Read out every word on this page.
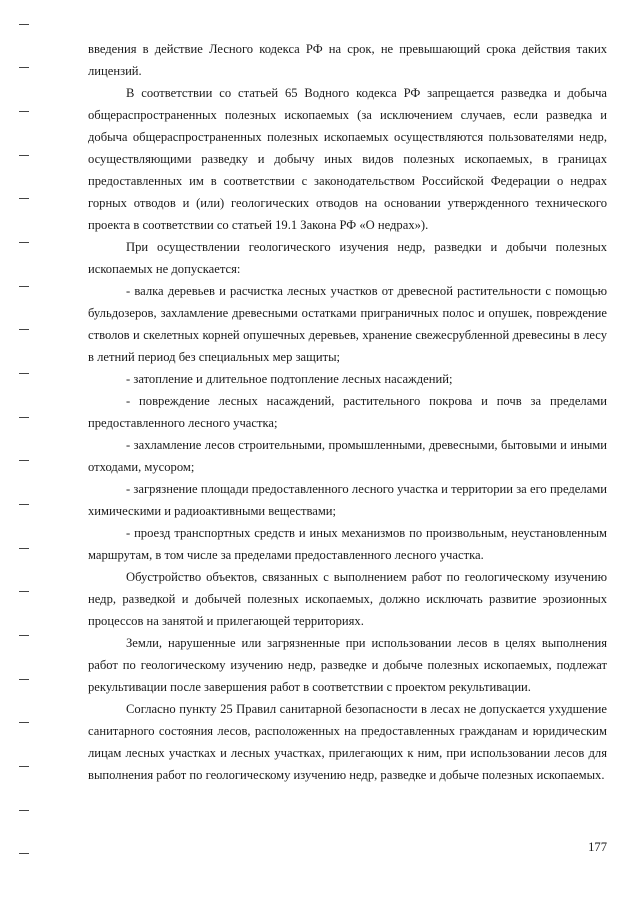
введения в действие Лесного кодекса РФ на срок, не превышающий срока действия таких лицензий.

В соответствии со статьей 65 Водного кодекса РФ запрещается разведка и добыча общераспространенных полезных ископаемых (за исключением случаев, если разведка и добыча общераспространенных полезных ископаемых осуществляются пользователями недр, осуществляющими разведку и добычу иных видов полезных ископаемых, в границах предоставленных им в соответствии с законодательством Российской Федерации о недрах горных отводов и (или) геологических отводов на основании утвержденного технического проекта в соответствии со статьей 19.1 Закона РФ «О недрах»).

При осуществлении геологического изучения недр, разведки и добычи полезных ископаемых не допускается:

- валка деревьев и расчистка лесных участков от древесной растительности с помощью бульдозеров, захламление древесными остатками приграничных полос и опушек, повреждение стволов и скелетных корней опушечных деревьев, хранение свежесрубленной древесины в лесу в летний период без специальных мер защиты;

- затопление и длительное подтопление лесных насаждений;

- повреждение лесных насаждений, растительного покрова и почв за пределами предоставленного лесного участка;

- захламление лесов строительными, промышленными, древесными, бытовыми и иными отходами, мусором;

- загрязнение площади предоставленного лесного участка и территории за его пределами химическими и радиоактивными веществами;

- проезд транспортных средств и иных механизмов по произвольным, неустановленным маршрутам, в том числе за пределами предоставленного лесного участка.

Обустройство объектов, связанных с выполнением работ по геологическому изучению недр, разведкой и добычей полезных ископаемых, должно исключать развитие эрозионных процессов на занятой и прилегающей территориях.

Земли, нарушенные или загрязненные при использовании лесов в целях выполнения работ по геологическому изучению недр, разведке и добыче полезных ископаемых, подлежат рекультивации после завершения работ в соответствии с проектом рекультивации.

Согласно пункту 25 Правил санитарной безопасности в лесах не допускается ухудшение санитарного состояния лесов, расположенных на предоставленных гражданам и юридическим лицам лесных участках и лесных участках, прилегающих к ним, при использовании лесов для выполнения работ по геологическому изучению недр, разведке и добыче полезных ископаемых.

177
